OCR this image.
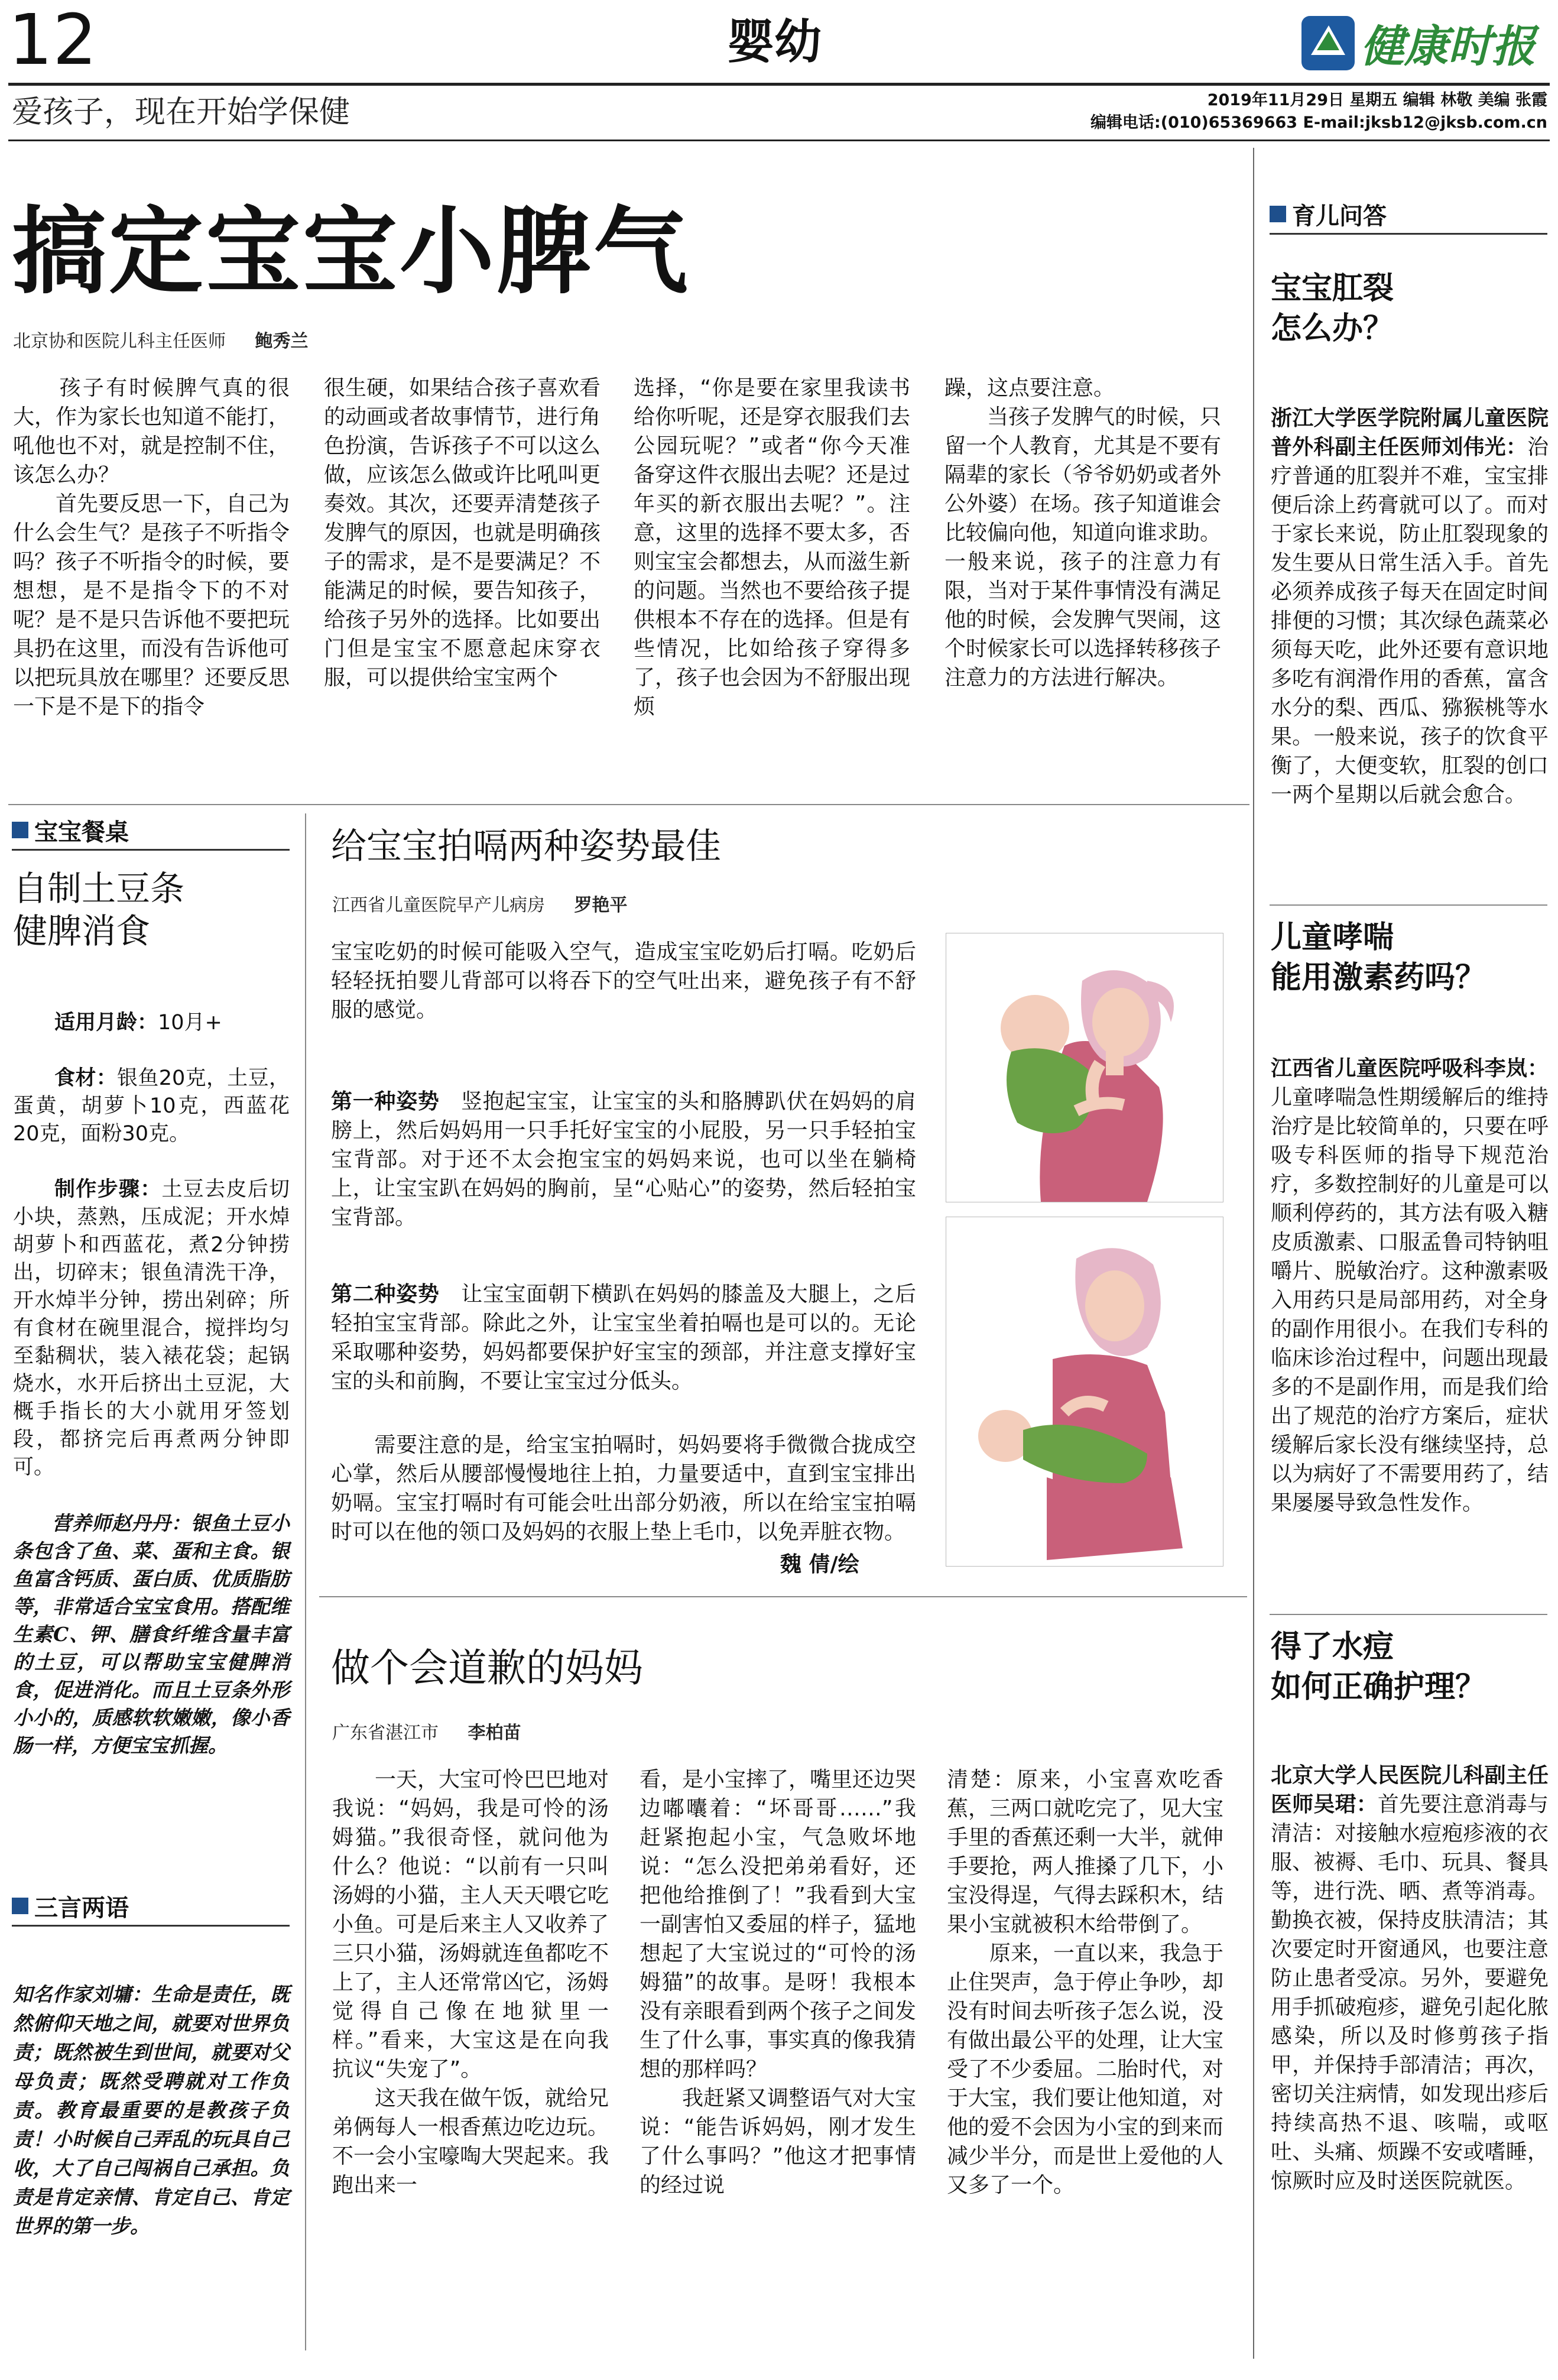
12	婴幼	健康时报
爱孩子，现在开始学保健	2019年11月29日 星期五 编辑 林敬 美编 张霞
编辑电话:(010)65369663 E-mail:jksb12@jksb.com.cn
搞定宝宝小脾气
北京协和医院儿科主任医师 鲍秀兰
　　孩子有时候脾气真的很大，作为家长也知道不能打，吼他也不对，就是控制不住，该怎么办？
　　首先要反思一下，自己为什么会生气？是孩子不听指令吗？孩子不听指令的时候，要想想，是不是指令下的不对呢？是不是只告诉他不要把玩具扔在这里，而没有告诉他可以把玩具放在哪里？还要反思一下是不是下的指令
很生硬，如果结合孩子喜欢看的动画或者故事情节，进行角色扮演，告诉孩子不可以这么做，应该怎么做或许比吼叫更奏效。其次，还要弄清楚孩子发脾气的原因，也就是明确孩子的需求，是不是要满足？不能满足的时候，要告知孩子，给孩子另外的选择。比如要出门但是宝宝不愿意起床穿衣服，可以提供给宝宝两个
选择，“你是要在家里我读书给你听呢，还是穿衣服我们去公园玩呢？”或者“你今天准备穿这件衣服出去呢？还是过年买的新衣服出去呢？”。注意，这里的选择不要太多，否则宝宝会都想去，从而滋生新的问题。当然也不要给孩子提供根本不存在的选择。但是有些情况，比如给孩子穿得多了，孩子也会因为不舒服出现烦
躁，这点要注意。
　　当孩子发脾气的时候，只留一个人教育，尤其是不要有隔辈的家长（爷爷奶奶或者外公外婆）在场。孩子知道谁会比较偏向他，知道向谁求助。一般来说，孩子的注意力有限，当对于某件事情没有满足他的时候，会发脾气哭闹，这个时候家长可以选择转移孩子注意力的方法进行解决。
宝宝餐桌
自制土豆条
健脾消食

适用月龄：10月+

食材：银鱼20克，土豆，蛋黄，胡萝卜10克，西蓝花20克，面粉30克。

制作步骤：土豆去皮后切小块，蒸熟，压成泥；开水焯胡萝卜和西蓝花，煮2分钟捞出，切碎末；银鱼清洗干净，开水焯半分钟，捞出剁碎；所有食材在碗里混合，搅拌均匀至黏稠状，装入裱花袋；起锅烧水，水开后挤出土豆泥，大概手指长的大小就用牙签划段，都挤完后再煮两分钟即可。

营养师赵丹丹：银鱼土豆小条包含了鱼、菜、蛋和主食。银鱼富含钙质、蛋白质、优质脂肪等，非常适合宝宝食用。搭配维生素C、钾、膳食纤维含量丰富的土豆，可以帮助宝宝健脾消食，促进消化。而且土豆条外形小小的，质感软软嫩嫩，像小香肠一样，方便宝宝抓握。

三言两语

知名作家刘墉：生命是责任，既然俯仰天地之间，就要对世界负责；既然被生到世间，就要对父母负责；既然受聘就对工作负责。教育最重要的是教孩子负责！小时候自己弄乱的玩具自己收，大了自己闯祸自己承担。负责是肯定亲情、肯定自己、肯定世界的第一步。

给宝宝拍嗝两种姿势最佳
江西省儿童医院早产儿病房 罗艳平
宝宝吃奶的时候可能吸入空气，造成宝宝吃奶后打嗝。吃奶后轻轻抚拍婴儿背部可以将吞下的空气吐出来，避免孩子有不舒服的感觉。

第一种姿势　 竖抱起宝宝，让宝宝的头和胳膊趴伏在妈妈的肩膀上，然后妈妈用一只手托好宝宝的小屁股，另一只手轻拍宝宝背部。对于还不太会抱宝宝的妈妈来说，也可以坐在躺椅上，让宝宝趴在妈妈的胸前，呈“心贴心”的姿势，然后轻拍宝宝背部。

第二种姿势　 让宝宝面朝下横趴在妈妈的膝盖及大腿上，之后轻拍宝宝背部。除此之外，让宝宝坐着拍嗝也是可以的。无论采取哪种姿势，妈妈都要保护好宝宝的颈部，并注意支撑好宝宝的头和前胸，不要让宝宝过分低头。

　　需要注意的是，给宝宝拍嗝时，妈妈要将手微微合拢成空心掌，然后从腰部慢慢地往上拍，力量要适中，直到宝宝排出奶嗝。宝宝打嗝时有可能会吐出部分奶液，所以在给宝宝拍嗝时可以在他的领口及妈妈的衣服上垫上毛巾，以免弄脏衣物。
魏 倩/绘
做个会道歉的妈妈
广东省湛江市 李柏苗
　　一天，大宝可怜巴巴地对我说：“妈妈，我是可怜的汤姆猫。”我很奇怪，就问他为什么？他说：“以前有一只叫汤姆的小猫，主人天天喂它吃小鱼。可是后来主人又收养了三只小猫，汤姆就连鱼都吃不上了，主人还常常凶它，汤姆觉得自己像在地狱里一样。”看来，大宝这是在向我抗议“失宠了”。
　　这天我在做午饭，就给兄弟俩每人一根香蕉边吃边玩。不一会小宝嚎啕大哭起来。我跑出来一
看，是小宝摔了，嘴里还边哭边嘟囔着：“坏哥哥……”我赶紧抱起小宝，气急败坏地说：“怎么没把弟弟看好，还把他给推倒了！”我看到大宝一副害怕又委屈的样子，猛地想起了大宝说过的“可怜的汤姆猫”的故事。是呀！我根本没有亲眼看到两个孩子之间发生了什么事，事实真的像我猜想的那样吗？
　　我赶紧又调整语气对大宝说：“能告诉妈妈，刚才发生了什么事吗？”他这才把事情的经过说
清楚：原来，小宝喜欢吃香蕉，三两口就吃完了，见大宝手里的香蕉还剩一大半，就伸手要抢，两人推搡了几下，小宝没得逞，气得去踩积木，结果小宝就被积木给带倒了。
　　原来，一直以来，我急于止住哭声，急于停止争吵，却没有时间去听孩子怎么说，没有做出最公平的处理，让大宝受了不少委屈。二胎时代，对于大宝，我们要让他知道，对他的爱不会因为小宝的到来而减少半分，而是世上爱他的人又多了一个。
育儿问答
宝宝肛裂
怎么办？

浙江大学医学院附属儿童医院普外科副主任医师刘伟光：治疗普通的肛裂并不难，宝宝排便后涂上药膏就可以了。而对于家长来说，防止肛裂现象的发生要从日常生活入手。首先必须养成孩子每天在固定时间排便的习惯；其次绿色蔬菜必须每天吃，此外还要有意识地多吃有润滑作用的香蕉，富含水分的梨、西瓜、猕猴桃等水果。一般来说，孩子的饮食平衡了，大便变软，肛裂的创口一两个星期以后就会愈合。

儿童哮喘
能用激素药吗？

江西省儿童医院呼吸科李岚：儿童哮喘急性期缓解后的维持治疗是比较简单的，只要在呼吸专科医师的指导下规范治疗，多数控制好的儿童是可以顺利停药的，其方法有吸入糖皮质激素、口服孟鲁司特钠咀嚼片、脱敏治疗。这种激素吸入用药只是局部用药，对全身的副作用很小。在我们专科的临床诊治过程中，问题出现最多的不是副作用，而是我们给出了规范的治疗方案后，症状缓解后家长没有继续坚持，总以为病好了不需要用药了，结果屡屡导致急性发作。

得了水痘
如何正确护理？

北京大学人民医院儿科副主任医师吴珺：首先要注意消毒与清洁：对接触水痘疱疹液的衣服、被褥、毛巾、玩具、餐具等，进行洗、晒、煮等消毒。勤换衣被，保持皮肤清洁；其次要定时开窗通风，也要注意防止患者受凉。另外，要避免用手抓破疱疹，避免引起化脓感染，所以及时修剪孩子指甲，并保持手部清洁；再次，密切关注病情，如发现出疹后持续高热不退、咳喘，或呕吐、头痛、烦躁不安或嗜睡，惊厥时应及时送医院就医。
